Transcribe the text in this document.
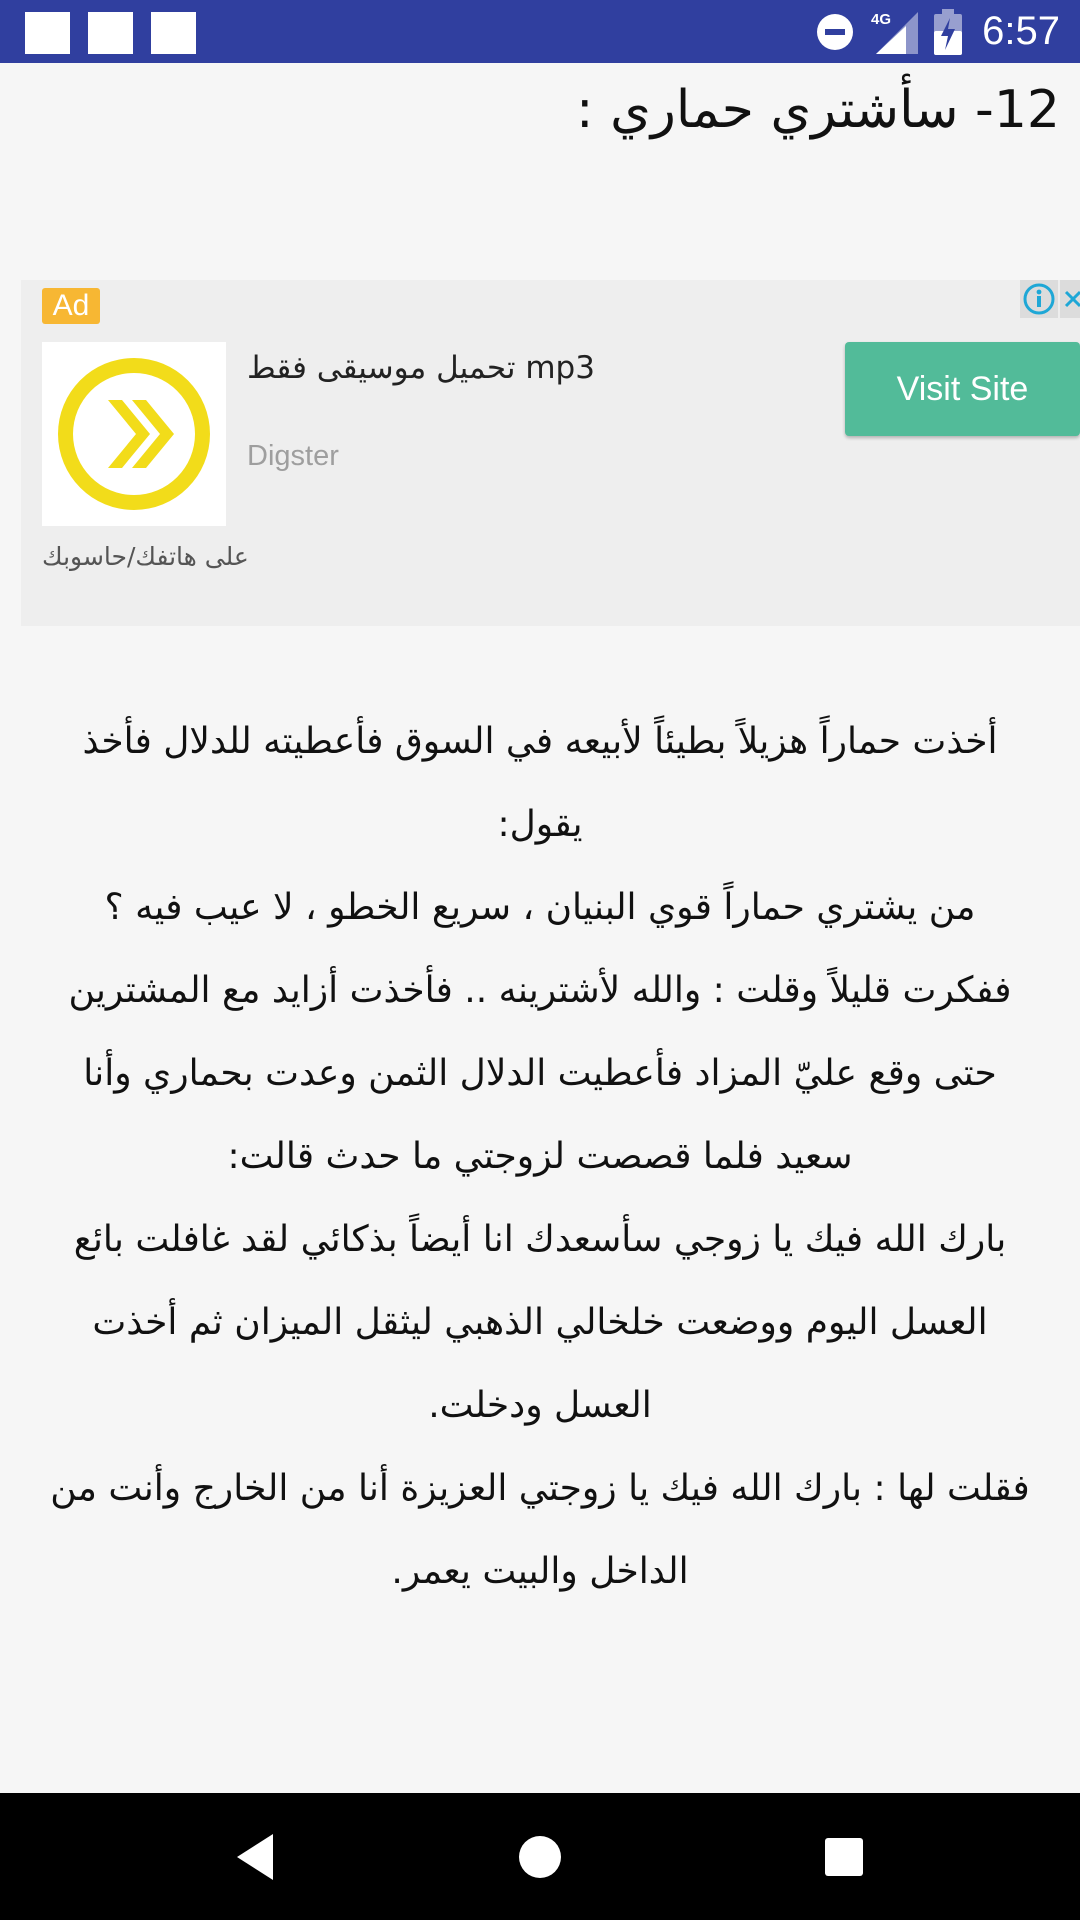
4G 6:57
12- سأشتري حماري :
Ad
تحميل موسيقى فقط mp3
Digster
على هاتفك/حاسوبك
Visit Site

أخذت حماراً هزيلاً بطيئاً لأبيعه في السوق فأعطيته للدلال فأخذ يقول:

من يشتري حماراً قوي البنيان ، سريع الخطو ، لا عيب فيه ؟

ففكرت قليلاً وقلت : والله لأشترينه .. فأخذت أزايد مع المشترين حتى وقع عليّ المزاد فأعطيت الدلال الثمن وعدت بحماري وأنا سعيد فلما قصصت لزوجتي ما حدث قالت:

بارك الله فيك يا زوجي سأسعدك انا أيضاً بذكائي لقد غافلت بائع العسل اليوم ووضعت خلخالي الذهبي ليثقل الميزان ثم أخذت العسل ودخلت.

فقلت لها : بارك الله فيك يا زوجتي العزيزة أنا من الخارج وأنت من الداخل والبيت يعمر.
